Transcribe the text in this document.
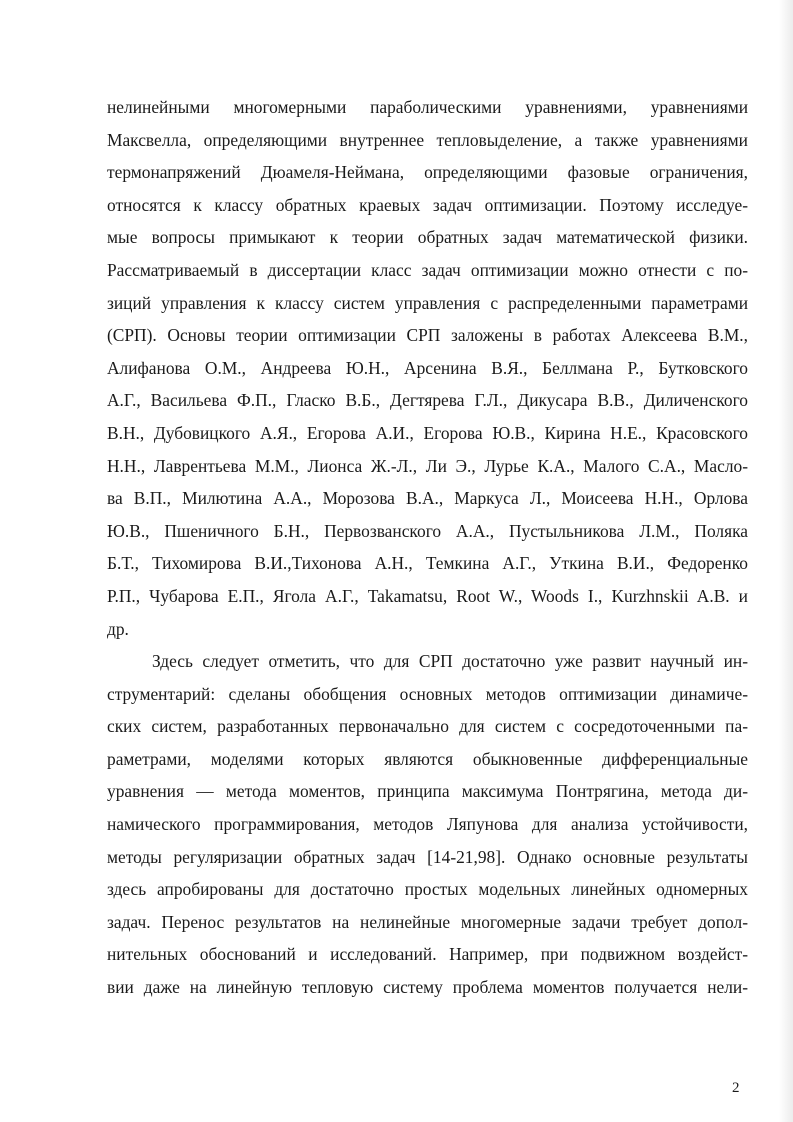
нелинейными многомерными параболическими уравнениями, уравнениями
Максвелла, определяющими внутреннее тепловыделение, а также уравнениями
термонапряжений Дюамеля-Неймана, определяющими фазовые ограничения,
относятся к классу обратных краевых задач оптимизации. Поэтому исследуе-
мые вопросы примыкают к теории обратных задач математической физики.
Рассматриваемый в диссертации класс задач оптимизации можно отнести с по-
зиций управления к классу систем управления с распределенными параметрами
(СРП). Основы теории оптимизации СРП заложены в работах Алексеева В.М.,
Алифанова О.М., Андреева Ю.Н., Арсенина В.Я., Беллмана Р., Бутковского
А.Г., Васильева Ф.П., Гласко В.Б., Дегтярева Г.Л., Дикусара В.В., Диличенского
В.Н., Дубовицкого А.Я., Егорова А.И., Егорова Ю.В., Кирина Н.Е., Красовского
Н.Н., Лаврентьева М.М., Лионса Ж.-Л., Ли Э., Лурье К.А., Малого С.А., Масло-
ва В.П., Милютина А.А., Морозова В.А., Маркуса Л., Моисеева Н.Н., Орлова
Ю.В., Пшеничного Б.Н., Первозванского А.А., Пустыльникова Л.М., Поляка
Б.Т., Тихомирова В.И.,Тихонова А.Н., Темкина А.Г., Уткина В.И., Федоренко
Р.П., Чубарова Е.П., Ягола А.Г., Takamatsu, Root W., Woods I., Kurzhnskii A.B. и
др.
Здесь следует отметить, что для СРП достаточно уже развит научный ин-
струментарий: сделаны обобщения основных методов оптимизации динамиче-
ских систем, разработанных первоначально для систем с сосредоточенными па-
раметрами, моделями которых являются обыкновенные дифференциальные
уравнения — метода моментов, принципа максимума Понтрягина, метода ди-
намического программирования, методов Ляпунова для анализа устойчивости,
методы регуляризации обратных задач [14-21,98]. Однако основные результаты
здесь апробированы для достаточно простых модельных линейных одномерных
задач. Перенос результатов на нелинейные многомерные задачи требует допол-
нительных обоснований и исследований. Например, при подвижном воздейст-
вии даже на линейную тепловую систему проблема моментов получается нели-
2
